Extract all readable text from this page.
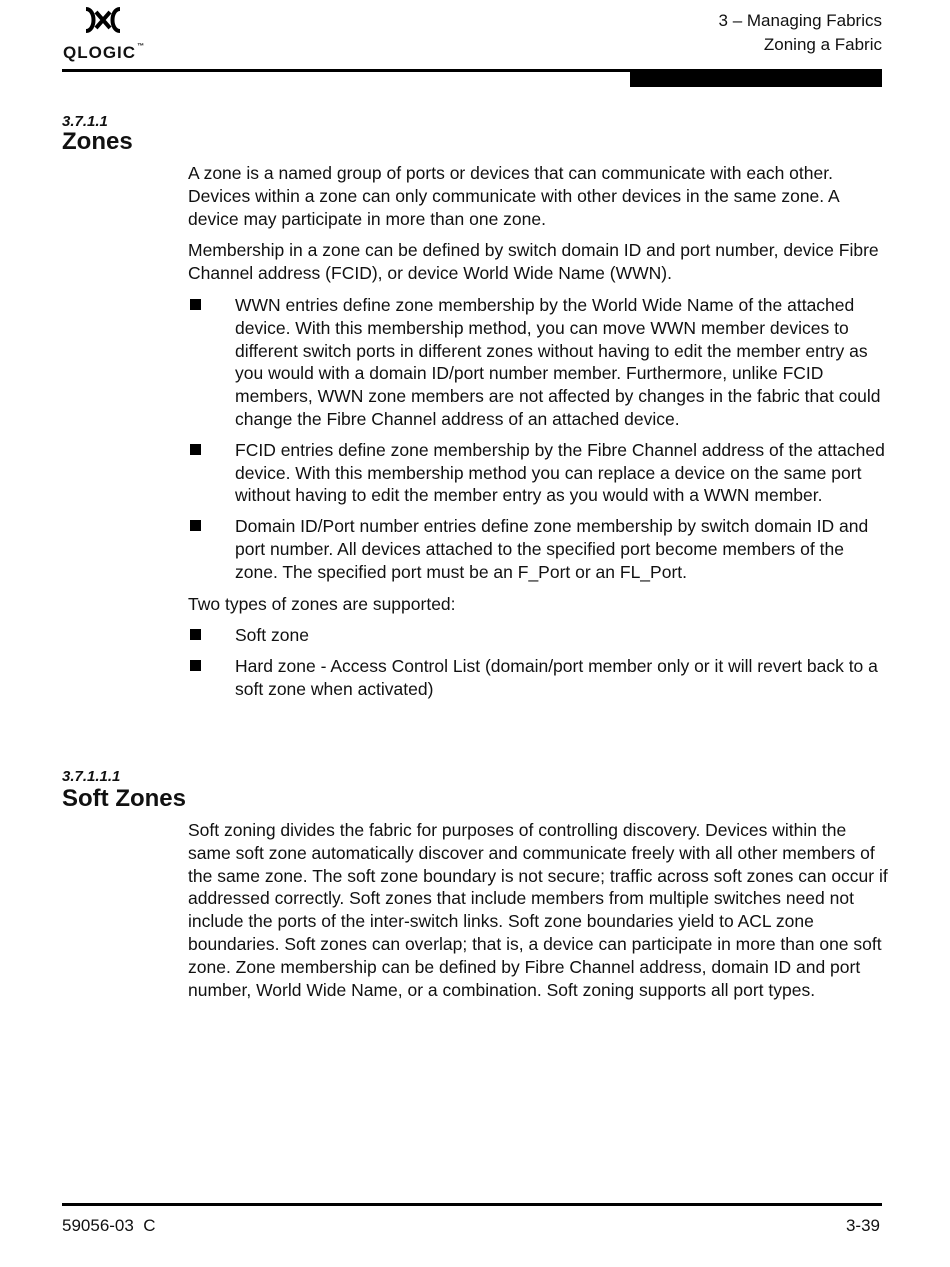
QLOGIC™
3 – Managing Fabrics
Zoning a Fabric
3.7.1.1
Zones

A zone is a named group of ports or devices that can communicate with each other. Devices within a zone can only communicate with other devices in the same zone. A device may participate in more than one zone.

Membership in a zone can be defined by switch domain ID and port number, device Fibre Channel address (FCID), or device World Wide Name (WWN).

WWN entries define zone membership by the World Wide Name of the attached device. With this membership method, you can move WWN member devices to different switch ports in different zones without having to edit the member entry as you would with a domain ID/port number member. Furthermore, unlike FCID members, WWN zone members are not affected by changes in the fabric that could change the Fibre Channel address of an attached device.
FCID entries define zone membership by the Fibre Channel address of the attached device. With this membership method you can replace a device on the same port without having to edit the member entry as you would with a WWN member.
Domain ID/Port number entries define zone membership by switch domain ID and port number. All devices attached to the specified port become members of the zone. The specified port must be an F_Port or an FL_Port.

Two types of zones are supported:

Soft zone
Hard zone - Access Control List (domain/port member only or it will revert back to a soft zone when activated)
3.7.1.1.1
Soft Zones

Soft zoning divides the fabric for purposes of controlling discovery. Devices within the same soft zone automatically discover and communicate freely with all other members of the same zone. The soft zone boundary is not secure; traffic across soft zones can occur if addressed correctly. Soft zones that include members from multiple switches need not include the ports of the inter-switch links. Soft zone boundaries yield to ACL zone boundaries. Soft zones can overlap; that is, a device can participate in more than one soft zone. Zone membership can be defined by Fibre Channel address, domain ID and port number, World Wide Name, or a combination. Soft zoning supports all port types.

59056-03  C	3-39
